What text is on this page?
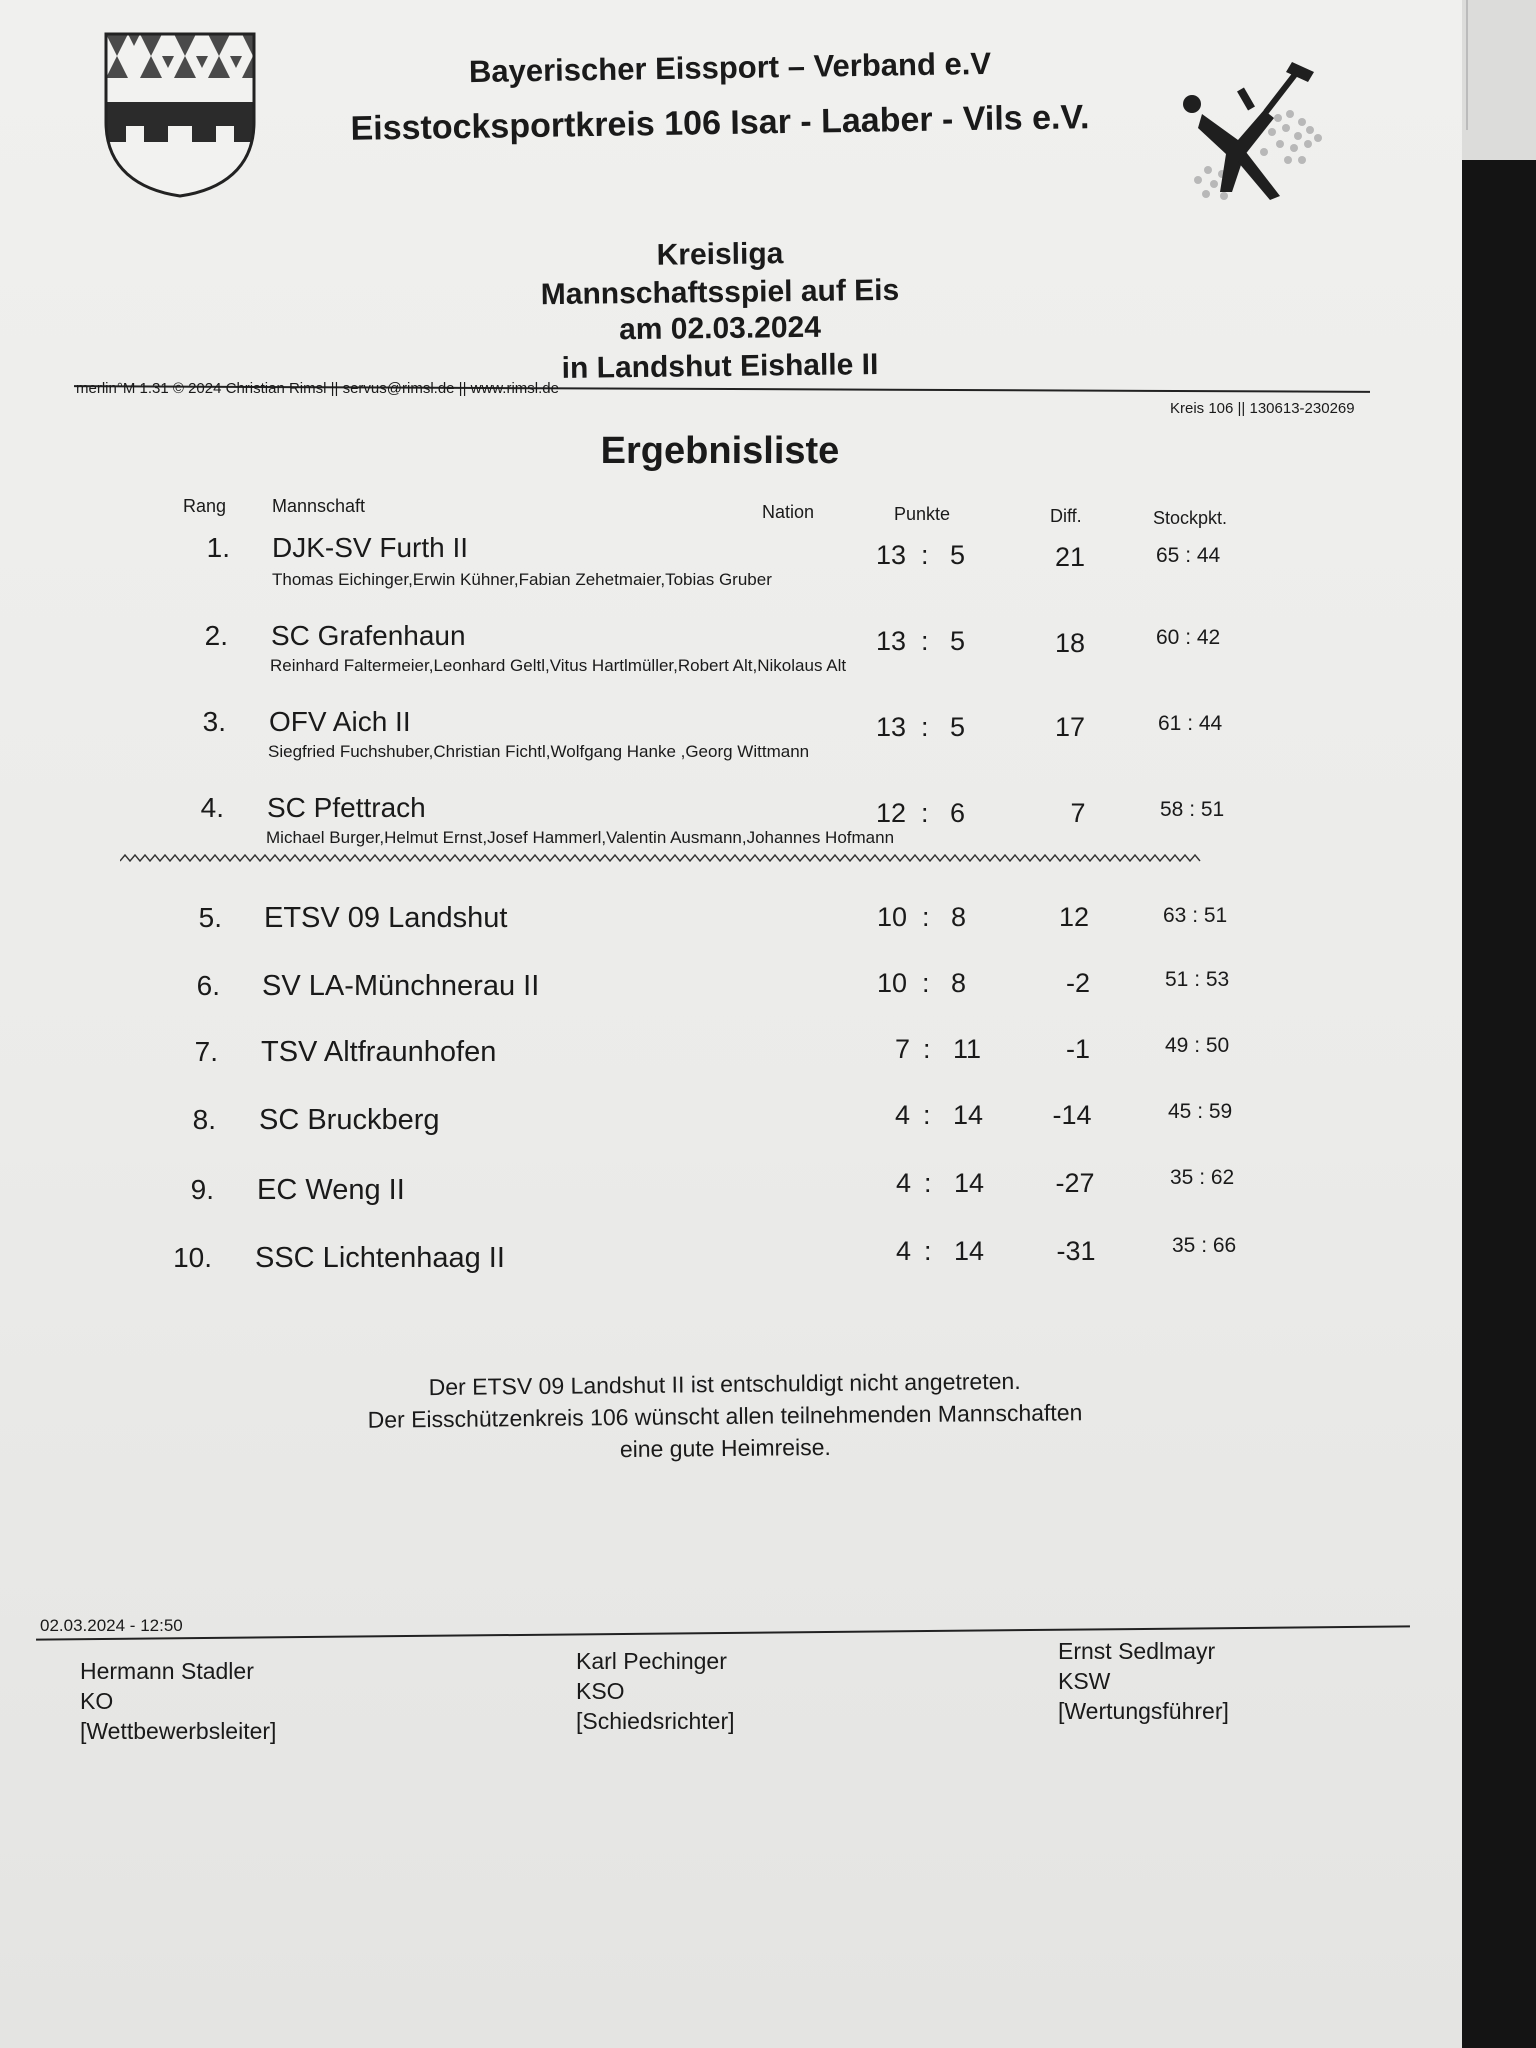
Bayerischer Eissport – Verband e.V
Eisstocksportkreis 106 Isar - Laaber - Vils e.V.
Kreisliga
Mannschaftsspiel auf Eis
am 02.03.2024
in Landshut Eishalle II
merlin°M 1.31 © 2024 Christian Rimsl || servus@rimsl.de || www.rimsl.de
Kreis 106 || 130613-230269
Ergebnisliste
Rang	Mannschaft	Nation	Punkte	Diff.	Stockpkt.
1. DJK-SV Furth II
Thomas Eichinger,Erwin Kühner,Fabian Zehetmaier,Tobias Gruber
13 : 5	21	65 : 44
2. SC Grafenhaun
Reinhard Faltermeier,Leonhard Geltl,Vitus Hartlmüller,Robert Alt,Nikolaus Alt
13 : 5	18	60 : 42
3. OFV Aich II
Siegfried Fuchshuber,Christian Fichtl,Wolfgang Hanke ,Georg Wittmann
13 : 5	17	61 : 44
4. SC Pfettrach
Michael Burger,Helmut Ernst,Josef Hammerl,Valentin Ausmann,Johannes Hofmann
12 : 6	7	58 : 51
5. ETSV 09 Landshut	10 : 8	12	63 : 51
6. SV LA-Münchnerau II	10 : 8	-2	51 : 53
7. TSV Altfraunhofen	7 : 11	-1	49 : 50
8. SC Bruckberg	4 : 14	-14	45 : 59
9. EC Weng II	4 : 14	-27	35 : 62
10. SSC Lichtenhaag II	4 : 14	-31	35 : 66
Der ETSV 09 Landshut II ist entschuldigt nicht angetreten.
Der Eisschützenkreis 106 wünscht allen teilnehmenden Mannschaften
eine gute Heimreise.
02.03.2024 - 12:50
Hermann Stadler
KO
[Wettbewerbsleiter]
Karl Pechinger
KSO
[Schiedsrichter]
Ernst Sedlmayr
KSW
[Wertungsführer]
